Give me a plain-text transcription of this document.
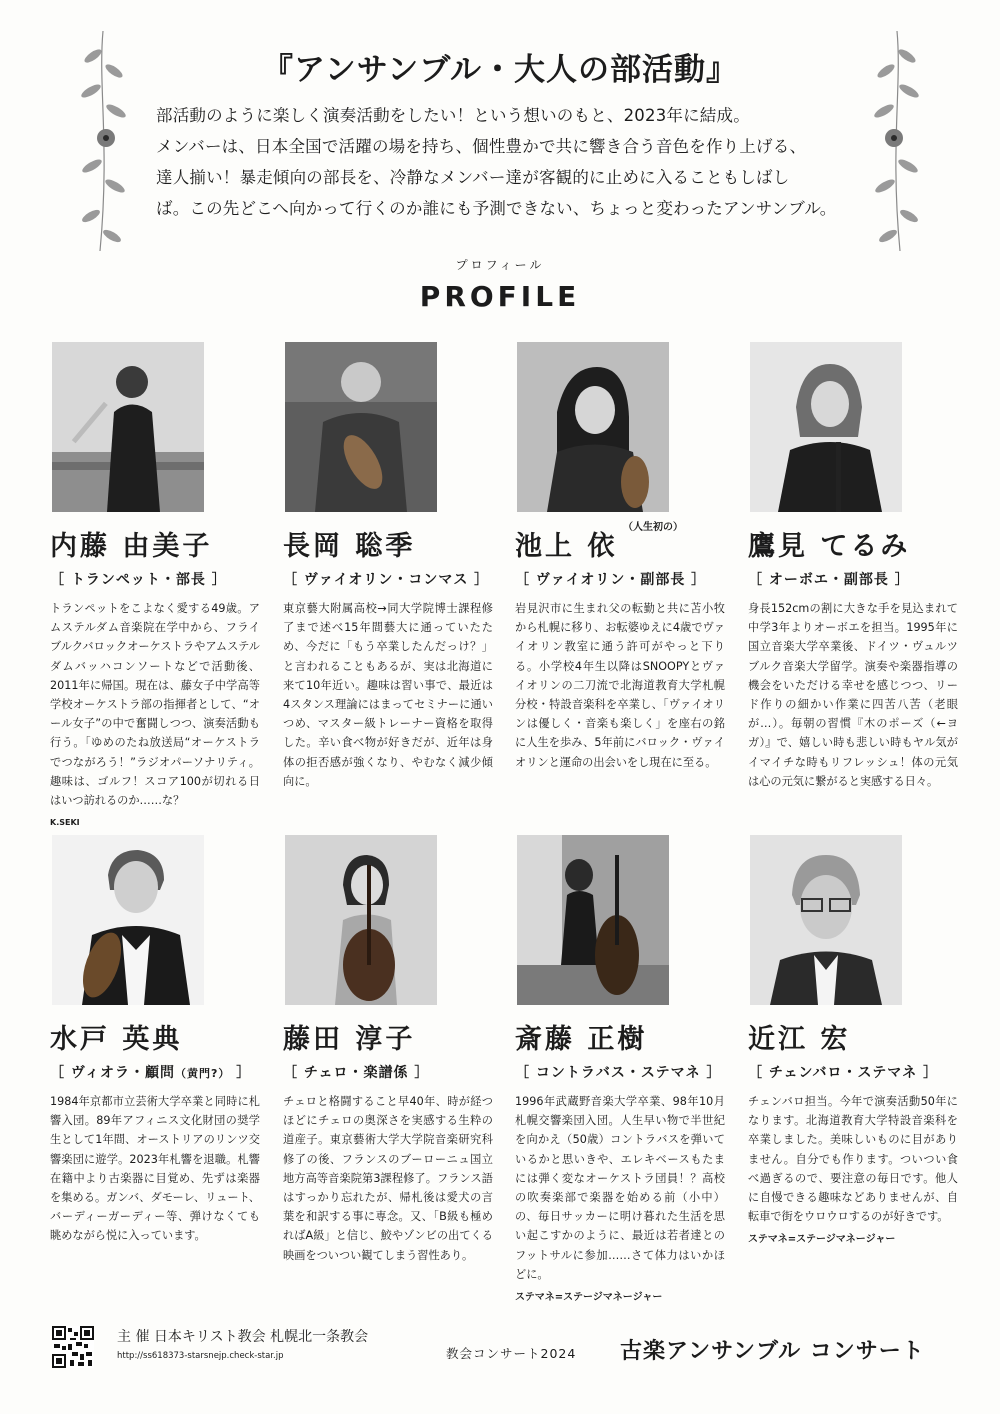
『アンサンブル・大人の部活動』

部活動のように楽しく演奏活動をしたい！という想いのもと、2023年に結成。

メンバーは、日本全国で活躍の場を持ち、個性豊かで共に響き合う音色を作り上げる、

達人揃い！暴走傾向の部長を、冷静なメンバー達が客観的に止めに入ることもしばし

ば。この先どこへ向かって行くのか誰にも予測できない、ちょっと変わったアンサンブル。

プロフィール
PROFILE
内藤 由美子
［ トランペット・部長 ］
トランペットをこよなく愛する49歳。アムステルダム音楽院在学中から、フライブルクバロックオーケストラやアムステルダムバッハコンソートなどで活動後、2011年に帰国。現在は、藤女子中学高等学校オーケストラ部の指揮者として、“オール女子”の中で奮闘しつつ、演奏活動も行う。「ゆめのたね放送局“オーケストラでつながろう！”ラジオパーソナリティ。趣味は、ゴルフ！スコア100が切れる日はいつ訪れるのか……な？
K.SEKI
長岡 聡季
［ ヴァイオリン・コンマス ］
東京藝大附属高校→同大学院博士課程修了まで述べ15年間藝大に通っていたため、今だに「もう卒業したんだっけ？」と言われることもあるが、実は北海道に来て10年近い。趣味は習い事で、最近は4スタンス理論にはまってセミナーに通いつめ、マスター級トレーナー資格を取得した。辛い食べ物が好きだが、近年は身体の拒否感が強くなり、やむなく減少傾向に。
池上 依
（人生初の）
［ ヴァイオリン・副部長 ］
岩見沢市に生まれ父の転勤と共に苫小牧から札幌に移り、お転婆ゆえに4歳でヴァイオリン教室に通う許可がやっと下りる。小学校4年生以降はSNOOPYとヴァイオリンの二刀流で北海道教育大学札幌分校・特設音楽科を卒業し、「ヴァイオリンは優しく・音楽も楽しく」を座右の銘に人生を歩み、5年前にバロック・ヴァイオリンと運命の出会いをし現在に至る。
鷹見 てるみ
［ オーボエ・副部長 ］
身長152cmの割に大きな手を見込まれて中学3年よりオーボエを担当。1995年に国立音楽大学卒業後、ドイツ・ヴュルツブルク音楽大学留学。演奏や楽器指導の機会をいただける幸せを感じつつ、リード作りの細かい作業に四苦八苦（老眼が…）。毎朝の習慣『木のポーズ（←ヨガ）』で、嬉しい時も悲しい時もヤル気がイマイチな時もリフレッシュ！体の元気は心の元気に繋がると実感する日々。
水戸 英典
［ ヴィオラ・顧問（黄門?） ］
1984年京都市立芸術大学卒業と同時に札響入団。89年アフィニス文化財団の奨学生として1年間、オーストリアのリンツ交響楽団に遊学。2023年札響を退職。札響在籍中より古楽器に目覚め、先ずは楽器を集める。ガンバ、ダモーレ、リュート、バーディーガーディー等、弾けなくても眺めながら悦に入っています。
藤田 淳子
［ チェロ・楽譜係 ］
チェロと格闘すること早40年、時が経つほどにチェロの奥深さを実感する生粋の道産子。東京藝術大学大学院音楽研究科修了の後、フランスのブーローニュ国立地方高等音楽院第3課程修了。フランス語はすっかり忘れたが、帰札後は愛犬の言葉を和訳する事に専念。又、「B級も極めればA級」と信じ、鮫やゾンビの出てくる映画をついつい観てしまう習性あり。
斎藤 正樹
［ コントラバス・ステマネ ］
1996年武蔵野音楽大学卒業、98年10月札幌交響楽団入団。人生早い物で半世紀を向かえ（50歳）コントラバスを弾いているかと思いきや、エレキベースもたまには弾く変なオーケストラ団員！？高校の吹奏楽部で楽器を始める前（小中）の、毎日サッカーに明け暮れた生活を思い起こすかのように、最近は若者達とのフットサルに参加……さて体力はいかほどに。
ステマネ=ステージマネージャー
近江 宏
［ チェンバロ・ステマネ ］
チェンバロ担当。今年で演奏活動50年になります。北海道教育大学特設音楽科を卒業しました。美味しいものに目がありません。自分でも作ります。ついつい食べ過ぎるので、要注意の毎日です。他人に自慢できる趣味などありませんが、自転車で街をウロウロするのが好きです。
ステマネ=ステージマネージャー
主 催 日本キリスト教会 札幌北一条教会
http://ss618373-starsnejp.check-star.jp	教会コンサート2024 古楽アンサンブル コンサート
